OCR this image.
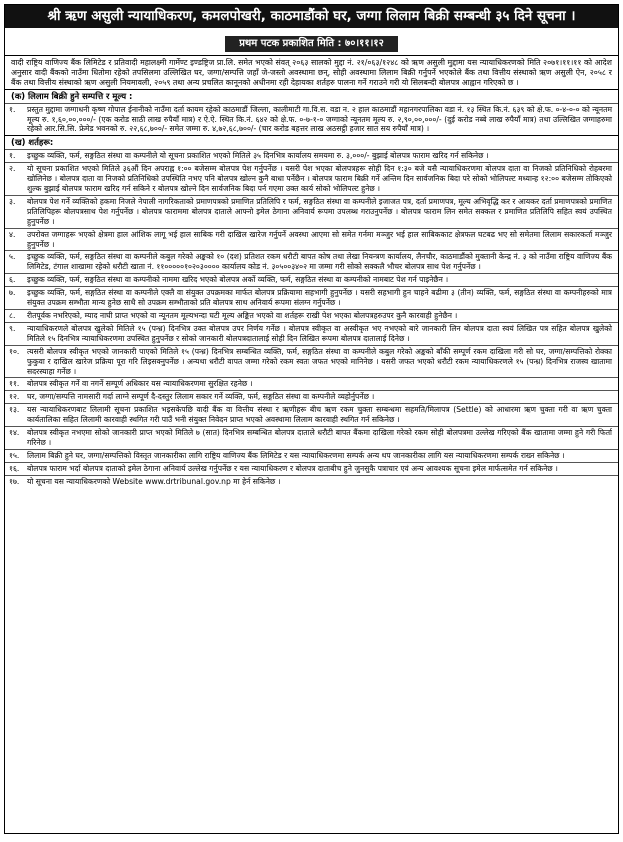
श्री ऋण असुली न्यायाधिकरण, कमलपोखरी, काठमाडौंको घर, जग्गा लिलाम बिक्री सम्बन्धी ३५ दिने सूचना ।
प्रथम पटक प्रकाशित मिति : ७०।११।१२
वादी राष्ट्रिय वाणिज्य बैंक लिमिटेड र प्रतिवादी महालक्ष्मी गार्मेण्ट इण्डष्ट्रिज प्रा.लि. समेत भएको संवत् २०६३ सालको मुद्दा नं. २१/०६३/१२४८ को ऋण असुली मुद्दामा यस न्यायाधिकरणको मिति २०७१।११।११ को आदेश अनुसार वादी बैंकको नाउँमा धितोमा रहेको तपसिलमा उल्लिखित घर, जग्गा/सम्पत्ति जहाँ जे-जस्तो अवस्थामा छन्, सोही अवस्थामा लिलाम बिक्री गर्नुपर्ने भएकोले बैंक तथा वित्तीय संस्थाको ऋण असुली ऐन, २०५८ र बैंक तथा वित्तीय संस्थाको ऋण असुली नियमावली, २०५९ तथा अन्य प्रचलित कानूनको अधीनमा रही देहायका शर्तहरु पालना गर्ने गराउने गरी यो सिलबन्दी बोलपत्र आह्वान गरिएको छ ।
(क) लिलाम बिक्री हुने सम्पत्ति र मूल्य :
१.	प्रस्तुत मुद्दामा जग्गाधनी कृष्ण गोपाल ईनानीको नाउँमा दर्ता कायम रहेको काठमाडौं जिल्ला, कालीमाटी गा.वि.स. वडा न. २ हाल काठमाडौं महानगरपालिका वडा नं. १३ स्थित कि.नं. ६३९ को क्षे.फ. ०-४-०-० को न्यूनतम मूल्य रु. १,६०,००,०००/- (एक करोड साठी लाख रुपैयाँ मात्र) र ऐ.ऐ. स्थित कि.नं. ६४२ को क्षे.फ. ०-७-१-० जग्गाको न्यूनतम मूल्य रु. २,९०,००,०००/- (दुई करोड नब्बे लाख रुपैयाँ मात्र) तथा उल्लिखित जग्गाहरुमा रहेको आर.सि.सि. फ्रेमेड भवनको रु. २२,६८,७००/- समेत जम्मा रु. ४,७२,६८,७००/- (चार करोड बहत्तर लाख अठसट्ठी हजार सात सय रुपैयाँ मात्र) ।
(ख) शर्तहरू:
१.	इच्छुक व्यक्ति, फर्म, सङ्गठित संस्था वा कम्पनीले यो सूचना प्रकाशित भएको मितिले ३५ दिनभित्र कार्यालय समयमा रु. ३,०००/- बुझाई बोलपत्र फाराम खरिद गर्न सकिनेछ ।
२.	यो सूचना प्रकाशित भएको मितिले ३६औं दिन अपराह्न १:०० बजेसम्म बोलपत्र पेश गर्नुपर्नेछ । यसरी पेश भएका बोलपत्रहरू सोही दिन १:३० बजे यसै न्यायाधिकरणमा बोलपत्र दाता वा निजको प्रतिनिधिको रोहबरमा खोलिनेछ । बोलपत्र दाता वा निजको प्रतिनिधिको उपस्थिति नभए पनि बोलपत्र खोल्न कुनै बाधा पर्नेछैन । बोलपत्र फाराम बिक्री गर्ने अन्तिम दिन सार्वजनिक बिदा परे सोको भोलिपल्ट मध्यान्ह १२:०० बजेसम्म तोकिएको शुल्क बुझाई बोलपत्र फाराम खरिद गर्न सकिने र बोलपत्र खोल्ने दिन सार्वजनिक बिदा पर्न गएमा उक्त कार्य सोको भोलिपल्ट हुनेछ ।
३.	बोलपत्र पेश गर्ने व्यक्तिको हकमा निजले नेपाली नागरिकताको प्रमाणपत्रको प्रमाणित प्रतिलिपि र फर्म, सङ्गठित संस्था वा कम्पनीले इजाजत पत्र, दर्ता प्रमाणपत्र, मूल्य अभिवृद्धि कर र आयकर दर्ता प्रमाणपत्रको प्रमाणित प्रतिलिपिहरू बोलपत्रसाथ पेश गर्नुपर्नेछ । बोलपत्र फाराममा बोलपत्र दाताले आफ्नो इमेल ठेगाना अनिवार्य रूपमा उपलब्ध गराउनुपर्नेछ । बोलपत्र फाराम लिन समेत सक्कल र प्रमाणित प्रतिलिपि सहित स्वयं उपस्थित हुनुपर्नेछ ।
४.	उपरोक्त जग्गाहरू भएको क्षेत्रमा हाल आंशिक लागू भई हाल साबिक गरी दाखिल खारेज गर्नुपर्ने अवस्था आएमा सो समेत गर्नमा मञ्जुर भई हाल साबिककाट क्षेत्रफल घटबढ भए सो समेतमा लिलाम सकारकर्ता मञ्जुर हुनुपर्नेछ ।
५.	इच्छुक व्यक्ति, फर्म, सङ्गठित संस्था वा कम्पनीले कबुल गरेको अङ्कको १० (दश) प्रतिशत रकम धरौटी बापत कोष तथा लेखा नियन्त्रण कार्यालय, लैनचौर, काठमाडौंको मुक्तानी केन्द्र नं. ३ को नाउँमा राष्ट्रिय वाणिज्य बैंक लिमिटेड, टंगाल शाखामा रहेको धरौटी खाता नं. ११०००००१०२०३०००० कार्यालय कोड नं. ३०५००३४०२ मा जम्मा गरी सोको सक्कलै भौचर बोलपत्र साथ पेश गर्नुपर्नेछ ।
६.	इच्छुक व्यक्ति, फर्म, सङ्गठित संस्था वा कम्पनीको नाममा खरिद भएको बोलपत्र अर्को व्यक्ति, फर्म, सङ्गठित संस्था वा कम्पनीको नामबाट पेश गर्न पाइनेछैन ।
७.	इच्छुक व्यक्ति, फर्म, सङ्गठित संस्था वा कम्पनीले एक्लै वा संयुक्त उपक्रमका मार्फत बोलपत्र प्रक्रियामा सहभागी हुनुपर्नेछ । यसरी सहभागी हुन चाहने बढीमा ३ (तीन) व्यक्ति, फर्म, सङ्गठित संस्था वा कम्पनीहरुको मात्र संयुक्त उपक्रम सम्भौता मान्य हुनेछ साथै सो उपक्रम सम्भौताको प्रति बोलपत्र साथ अनिवार्य रूपमा संलग्न गर्नुपर्नेछ ।
८.	रीतपूर्वक नभरिएको, म्याद नाघी प्राप्त भएको वा न्यूनतम मूल्यभन्दा घटी मूल्य अङ्कित भएको वा शर्तहरू राखी पेश भएका बोलपत्रहरुउपर कुनै कारवाही हुनेछैन ।
९.	न्यायाधिकरणले बोलपत्र खुलेको मितिले १५ (पन्ध्र) दिनभित्र उक्त बोलपत्र उपर निर्णय गर्नेछ । बोलपत्र स्वीकृत वा अस्वीकृत भए नभएको बारे जानकारी लिन बोलपत्र दाता स्वयं लिखित पत्र सहित बोलपत्र खुलेको मितिले १५ दिनभित्र न्यायाधिकरणमा उपस्थित हुनुपर्नेछ र सोको जानकारी बोलपत्रदातालाई सोही दिन लिखित रूपमा बोलपत्र दातालाई दिनेछ ।
१०.	त्यसरी बोलपत्र स्वीकृत भएको जानकारी पाएको मितिले १५ (पन्ध्र) दिनभित्र सम्बन्धित व्यक्ति, फर्म, सङ्गठित संस्था वा कम्पनीले कबुल गरेको अङ्कको बाँकी सम्पूर्ण रकम दाखिला गरी सो घर, जग्गा/सम्पत्तिको रोक्का फुकुवा र दाखिल खारेज प्रक्रिया पूरा गरि लिइसक्नुपर्नेछ । अन्यथा धरौटी वापत जम्मा गरेको रकम स्वतः जफत भएको मानिनेछ । यसरी जफत भएको धरौटी रकम न्यायाधिकरणले १५ (पन्ध्र) दिनभित्र राजस्व खातामा सदरस्याहा गर्नेछ ।
११.	बोलपत्र स्वीकृत गर्ने वा नगर्ने सम्पूर्ण अधिकार यस न्यायाधिकरणमा सुरक्षित रहनेछ ।
१२.	घर, जग्गा/सम्पत्ति नामसारी गर्दा लाग्ने सम्पूर्ण दै-दस्तुर लिलाम सकार गर्ने व्यक्ति, फर्म, सङ्गठित संस्था वा कम्पनीले व्यहोर्नुपर्नेछ ।
१३.	यस न्यायाधिकरणबाट लिलामी सूचना प्रकाशित भइसकेपछि वादी बैंक वा वित्तीय संस्था र ऋणीहरू बीच ऋण रकम चुक्ता सम्बन्धमा सहमति/मिलापत्र (Settle) को आधारमा ऋण चुक्ता गरी वा ऋण चुक्ता कार्यतालिका सहित लिलामी कारवाही स्थगित गरी पाउँ भनी संयुक्त निवेदन प्राप्त भएको अवस्थामा लिलाम कारवाही स्थगित गर्न सकिनेछ ।
१४.	बोलपत्र स्वीकृत नभएमा सोको जानकारी प्राप्त भएको मितिले ७ (सात) दिनभित्र सम्बन्धित बोलपत्र दाताले धरौटी बापत बैंकमा दाखिला गरेको रकम सोही बोलपत्रमा उल्लेख गरिएको बैंक खातामा जम्मा हुने गरी फिर्ता गरिनेछ ।
१५.	लिलाम बिक्री हुने घर, जग्गा/सम्पत्तिको विस्तृत जानकारीका लागि राष्ट्रिय वाणिज्य बैंक लिमिटेड र यस न्यायाधिकरणमा सम्पर्क अन्य थप जानकारीका लागि यस न्यायाधिकरणमा सम्पर्क राख्न सकिनेछ ।
१६.	बोलपत्र फाराम भर्दा बोलपत्र दाताको इमेल ठेगाना अनिवार्य उल्लेख गर्नुपर्नेछ र यस न्यायाधिकरण र बोलपत्र दाताबीच हुने जुनसुकै पत्राचार एवं अन्य आवश्यक सूचना इमेल मार्फत्समेत गर्न सकिनेछ ।
१७.	यो सूचना यस न्यायाधिकरणको Website www.drtribunal.gov.np मा हेर्न सकिनेछ ।
